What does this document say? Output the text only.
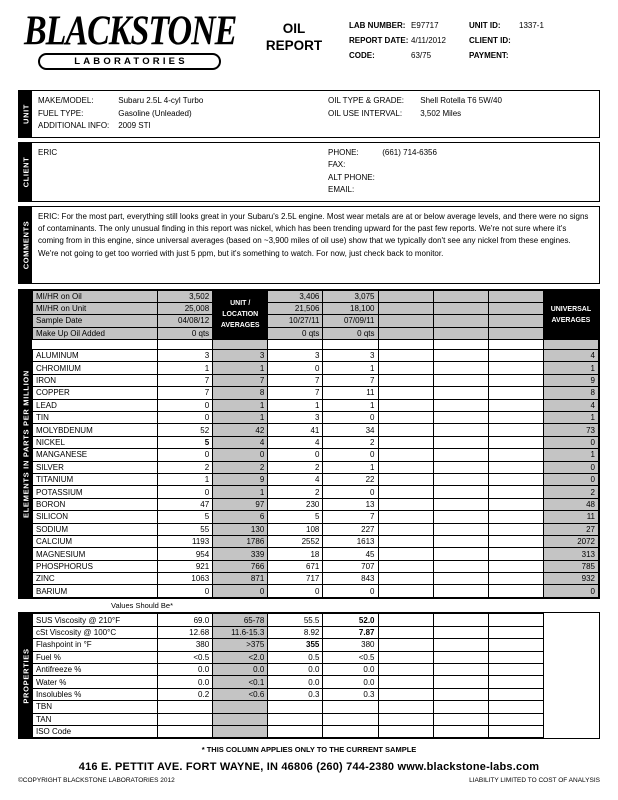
BLACKSTONE
LABORATORIES
OIL
REPORT
LAB NUMBER: E97717	UNIT ID:	1337-1
REPORT DATE: 4/11/2012	CLIENT ID:
CODE:	63/75	PAYMENT:
UNIT
MAKE/MODEL:	Subaru 2.5L 4-cyl Turbo
FUEL TYPE:	Gasoline (Unleaded)
ADDITIONAL INFO: 2009 STI
OIL TYPE & GRADE: Shell Rotella T6 5W/40
OIL USE INTERVAL: 3,502 Miles
CLIENT
ERIC	PHONE:	(661) 714-6356
FAX:
ALT PHONE:
EMAIL:
COMMENTS

ERIC: For the most part, everything still looks great in your Subaru's 2.5L engine. Most wear metals are at or below average levels, and there were no signs of contaminants. The only unusual finding in this report was nickel, which has been trending upward for the past few reports. We're not sure where it's coming from in this engine, since universal averages (based on ~3,900 miles of oil use) show that we typically don't see any nickel from these engines. We're not going to get too worried with just 5 ppm, but it's something to watch. For now, just check back to monitor.

ELEMENTS IN PARTS PER MILLION
MI/HR on Oil	3,502	UNIT / LOCATION AVERAGES	3,406	3,075				UNIVERSAL AVERAGES
MI/HR on Unit	25,008		21,506	18,100				
Sample Date	04/08/12		10/27/11	07/09/11				
Make Up Oil Added	0 qts		0 qts	0 qts				

ALUMINUM	3	3	3	3				4
CHROMIUM	1	1	0	1				1
IRON	7	7	7	7				9
COPPER	7	8	7	11				8
LEAD	0	1	1	1				4
TIN	0	1	3	0				1
MOLYBDENUM	52	42	41	34				73
NICKEL	5	4	4	2				0
MANGANESE	0	0	0	0				1
SILVER	2	2	2	1				0
TITANIUM	1	9	4	22				0
POTASSIUM	0	1	2	0				2
BORON	47	97	230	13				48
SILICON	5	6	5	7				11
SODIUM	55	130	108	227				27
CALCIUM	1193	1786	2552	1613				2072
MAGNESIUM	954	339	18	45				313
PHOSPHORUS	921	766	671	707				785
ZINC	1063	871	717	843				932
BARIUM	0	0	0	0				0
Values Should Be*
PROPERTIES
SUS Viscosity @ 210°F	69.0	65-78	55.5	52.0			
cSt Viscosity @ 100°C	12.68	11.6-15.3	8.92	7.87			
Flashpoint in °F	380	>375	355	380			
Fuel %	<0.5	<2.0	0.5	<0.5			
Antifreeze %	0.0	0.0	0.0	0.0			
Water %	0.0	<0.1	0.0	0.0			
Insolubles %	0.2	<0.6	0.3	0.3			
TBN							
TAN							
ISO Code							
* THIS COLUMN APPLIES ONLY TO THE CURRENT SAMPLE
416 E. PETTIT AVE. FORT WAYNE, IN 46806 (260) 744-2380 www.blackstone-labs.com
©COPYRIGHT BLACKSTONE LABORATORIES 2012	LIABILITY LIMITED TO COST OF ANALYSIS
